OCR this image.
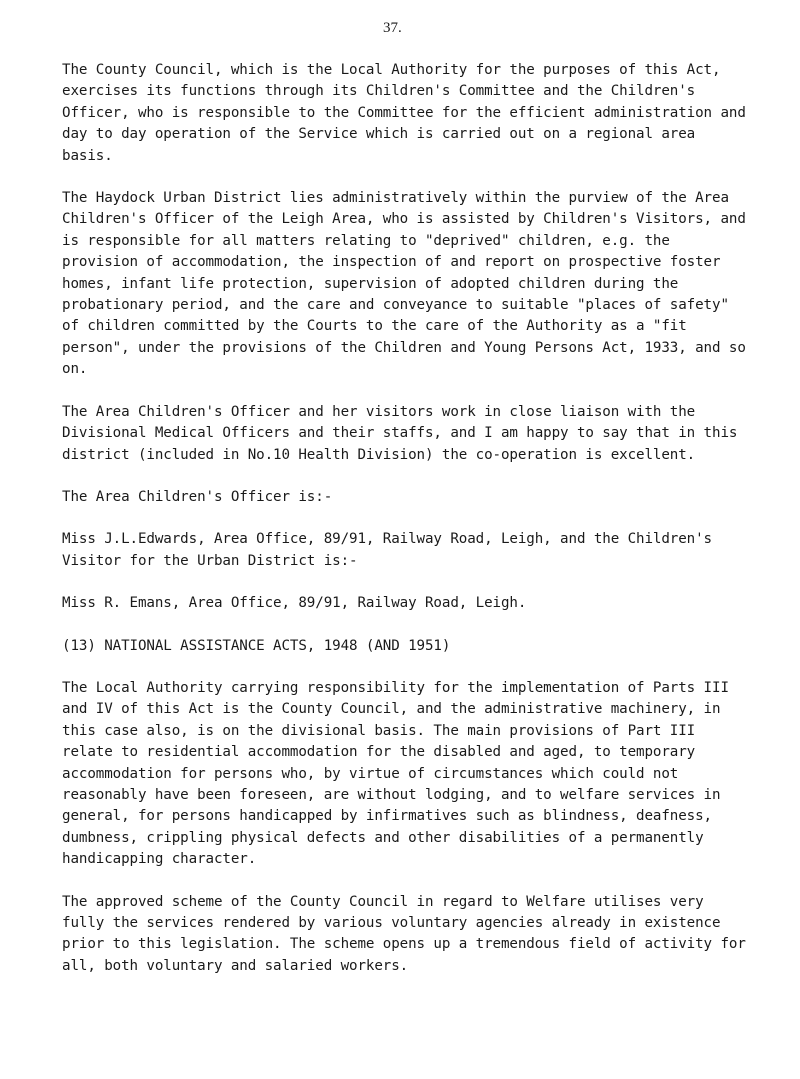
37.

The County Council, which is the Local Authority for the purposes of this Act, exercises its functions through its Children's Committee and the Children's Officer, who is responsible to the Committee for the efficient administration and day to day operation of the Service which is carried out on a regional area basis.

The Haydock Urban District lies administratively within the purview of the Area Children's Officer of the Leigh Area, who is assisted by Children's Visitors, and is responsible for all matters relating to "deprived" children, e.g. the provision of accommodation, the inspection of and report on prospective foster homes, infant life protection, supervision of adopted children during the probationary period, and the care and conveyance to suitable "places of safety" of children committed by the Courts to the care of the Authority as a "fit person", under the provisions of the Children and Young Persons Act, 1933, and so on.

The Area Children's Officer and her visitors work in close liaison with the Divisional Medical Officers and their staffs, and I am happy to say that in this district (included in No.10 Health Division) the co-operation is excellent.

The Area Children's Officer is:-

Miss J.L.Edwards, Area Office, 89/91, Railway Road, Leigh, and the Children's Visitor for the Urban District is:-

Miss R. Emans, Area Office, 89/91, Railway Road, Leigh.

(13) NATIONAL ASSISTANCE ACTS, 1948 (AND 1951)

The Local Authority carrying responsibility for the implementation of Parts III and IV of this Act is the County Council, and the administrative machinery, in this case also, is on the divisional basis. The main provisions of Part III relate to residential accommodation for the disabled and aged, to temporary accommodation for persons who, by virtue of circumstances which could not reasonably have been foreseen, are without lodging, and to welfare services in general, for persons handicapped by infirmatives such as blindness, deafness, dumbness, crippling physical defects and other disabilities of a permanently handicapping character.

The approved scheme of the County Council in regard to Welfare utilises very fully the services rendered by various voluntary agencies already in existence prior to this legislation. The scheme opens up a tremendous field of activity for all, both voluntary and salaried workers.
